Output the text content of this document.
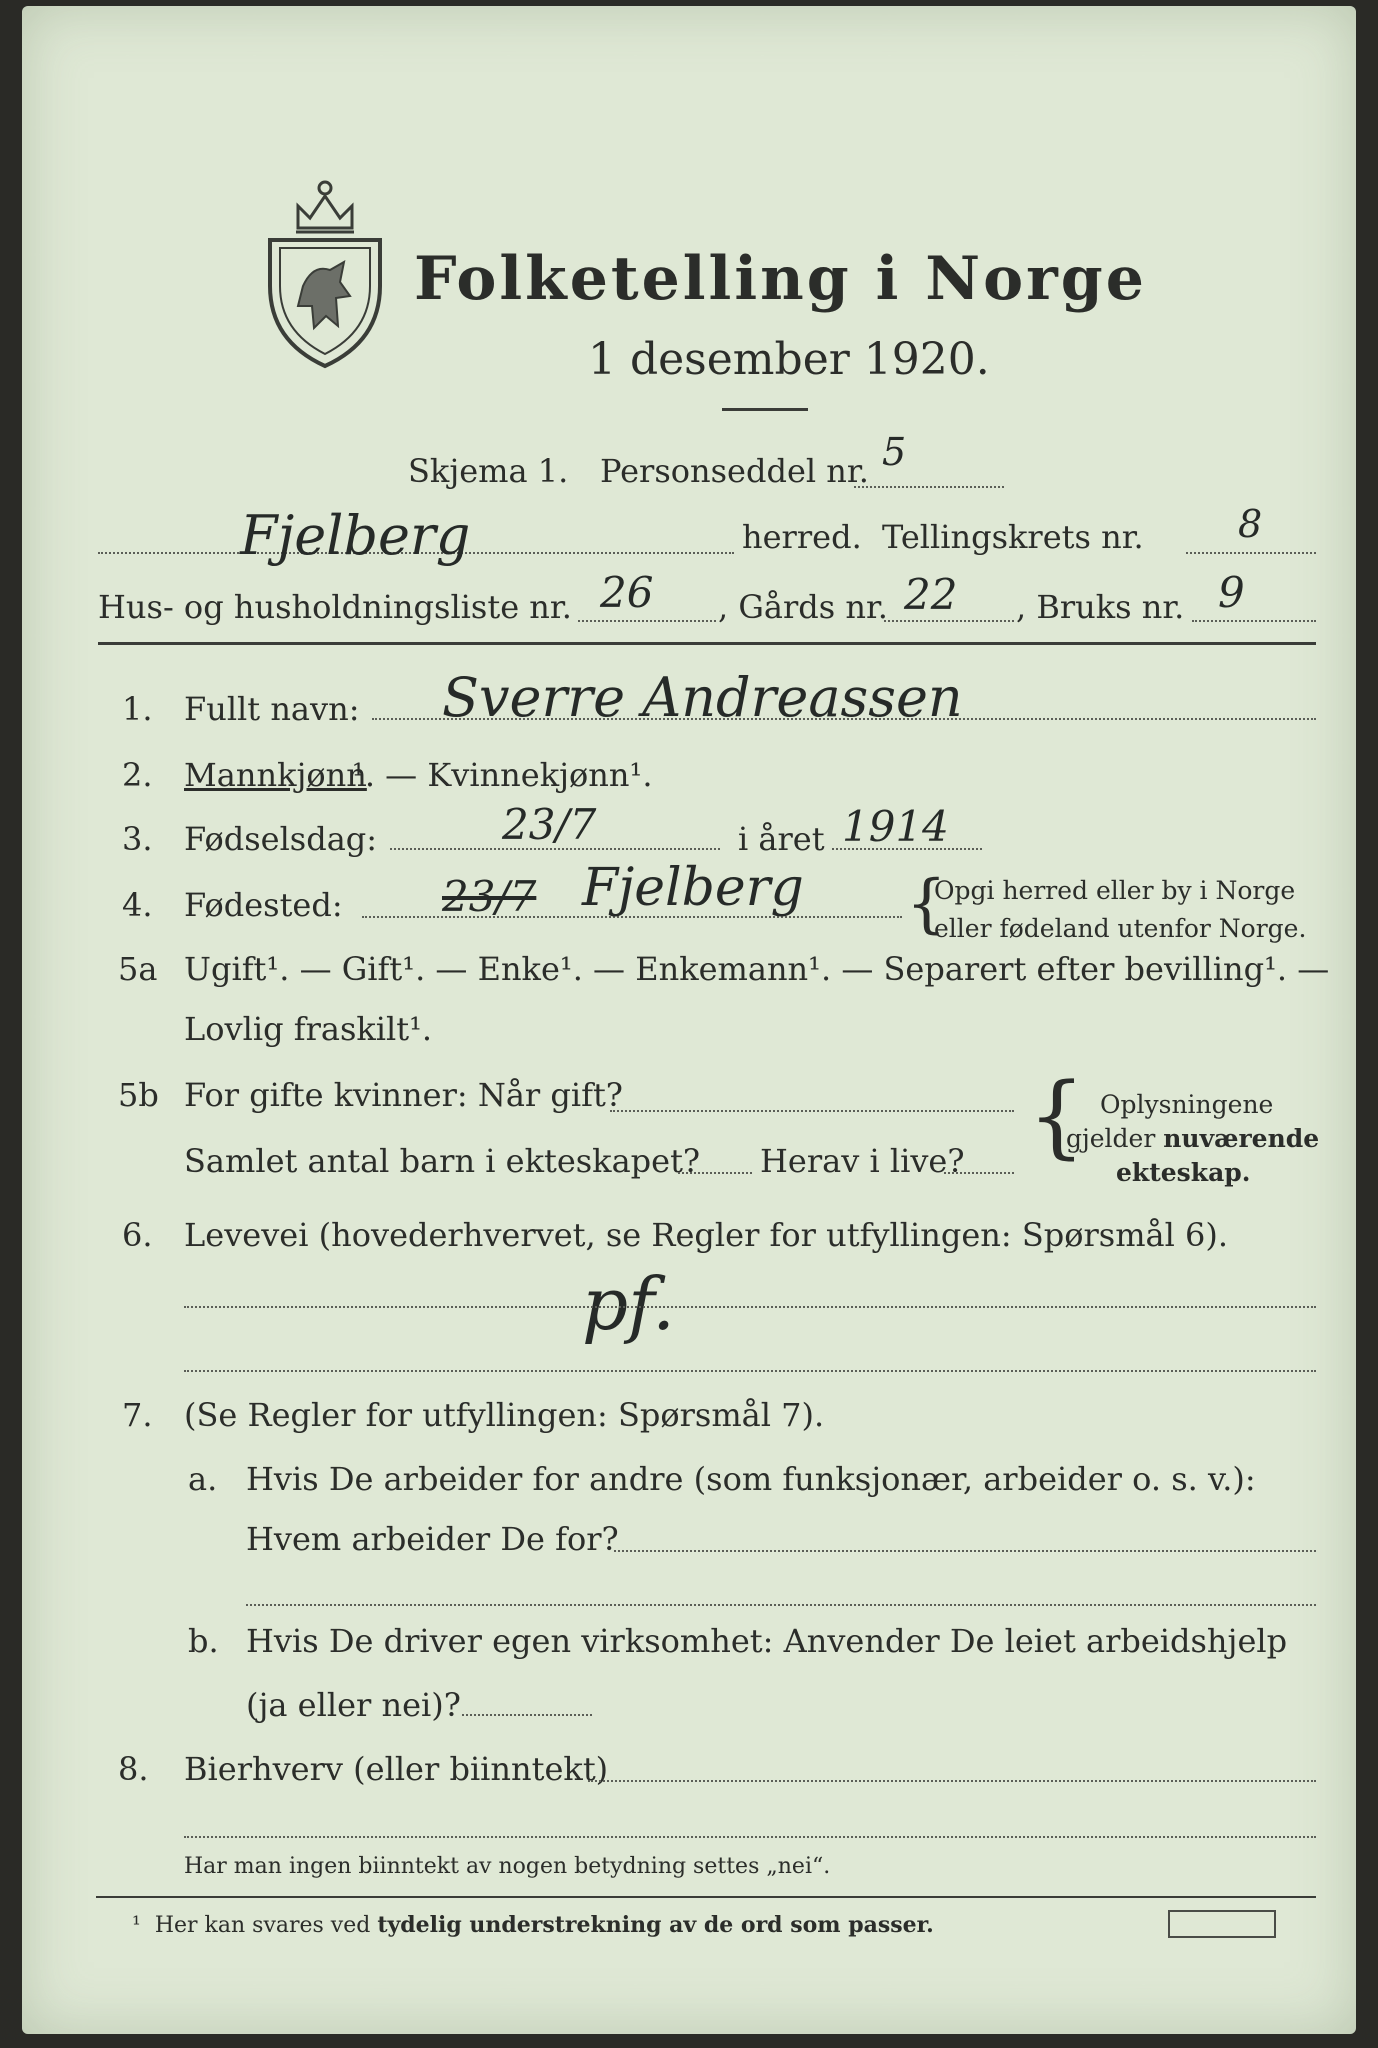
Folketelling i Norge
1 desember 1920.
Skjema 1. Personseddel nr. 5
Fjelberg	herred. Tellingskrets nr. 8
Hus- og husholdningsliste nr. 26 , Gårds nr. 22 , Bruks nr. 9
1. Fullt navn: Sverre Andreassen
2. Mannkjønn
¹. — Kvinnekjønn¹.
3. Fødselsdag:	23/7	i året 1914
4. Fødested: 23/7 Fjelberg {
Opgi herred eller by i Norge
eller fødeland utenfor Norge.
5a Ugift¹. — Gift¹. — Enke¹. — Enkemann¹. — Separert efter bevilling¹. —
Lovlig fraskilt¹.
5b For gifte kvinner: Når gift?
Samlet antal barn i ekteskapet? Herav i live? { Oplysningene
gjelder nuværende
ekteskap.
6. Levevei (hovederhvervet, se Regler for utfyllingen: Spørsmål 6).
pf.
7. (Se Regler for utfyllingen: Spørsmål 7).
a. Hvis De arbeider for andre (som funksjonær, arbeider o. s. v.):
Hvem arbeider De for?
b. Hvis De driver egen virksomhet: Anvender De leiet arbeidshjelp
(ja eller nei)?
8. Bierhverv (eller biinntekt)
Har man ingen biinntekt av nogen betydning settes „nei“.
¹ Her kan svares ved tydelig understrekning av de ord som passer.
